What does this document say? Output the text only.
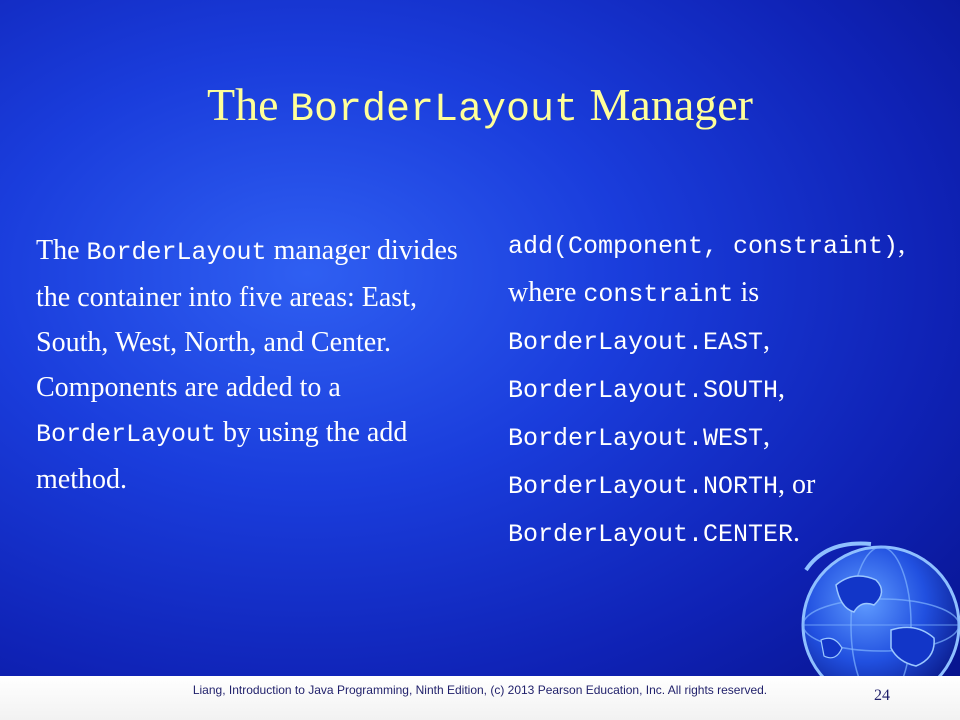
The BorderLayout Manager

The BorderLayout manager divides the container into five areas: East, South, West, North, and Center. Components are added to a BorderLayout by using the add method.

add(Component, constraint), where constraint is BorderLayout.EAST, BorderLayout.SOUTH, BorderLayout.WEST, BorderLayout.NORTH, or BorderLayout.CENTER.

Liang, Introduction to Java Programming, Ninth Edition, (c) 2013 Pearson Education, Inc. All rights reserved.	24
